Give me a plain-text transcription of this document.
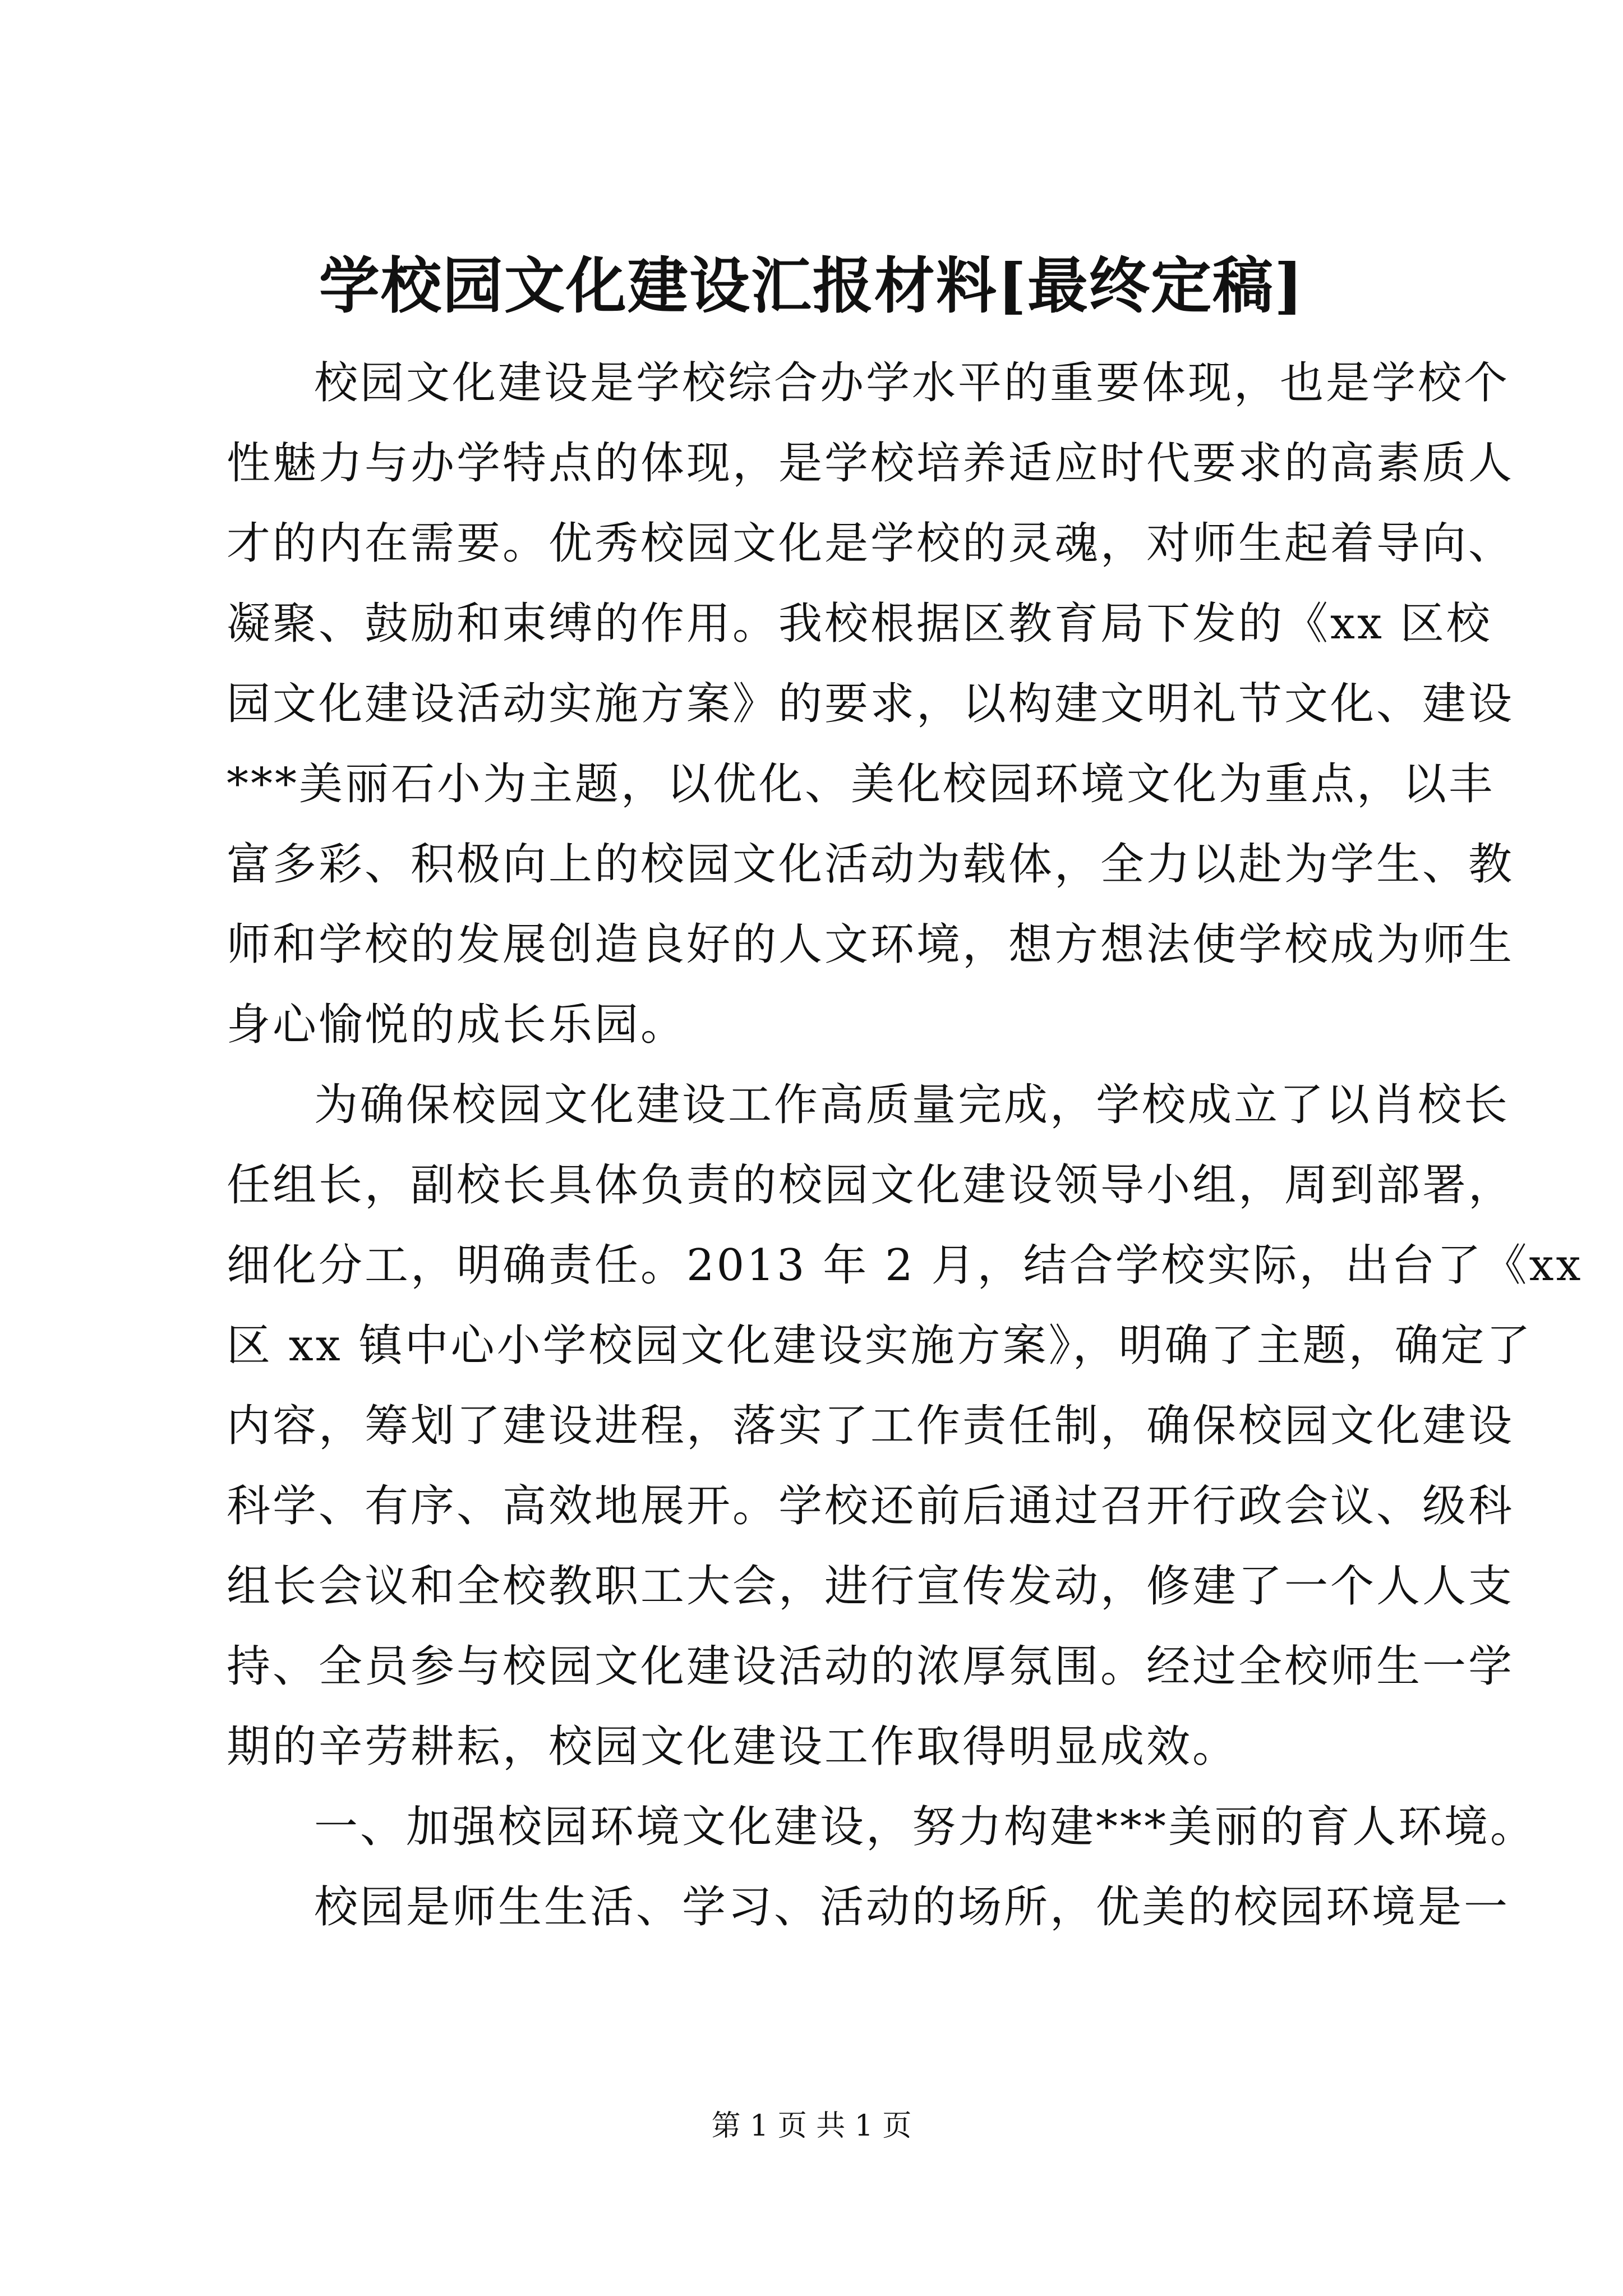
学校园文化建设汇报材料[最终定稿]
校园文化建设是学校综合办学水平的重要体现，也是学校个
性魅力与办学特点的体现，是学校培养适应时代要求的高素质人
才的内在需要。优秀校园文化是学校的灵魂，对师生起着导向、
凝聚、鼓励和束缚的作用。我校根据区教育局下发的《xx 区校
园文化建设活动实施方案》的要求，以构建文明礼节文化、建设
***美丽石小为主题，以优化、美化校园环境文化为重点，以丰
富多彩、积极向上的校园文化活动为载体，全力以赴为学生、教
师和学校的发展创造良好的人文环境，想方想法使学校成为师生
身心愉悦的成长乐园。
为确保校园文化建设工作高质量完成，学校成立了以肖校长
任组长，副校长具体负责的校园文化建设领导小组，周到部署，
细化分工，明确责任。2013 年 2 月，结合学校实际，出台了《xx
区 xx 镇中心小学校园文化建设实施方案》，明确了主题，确定了
内容，筹划了建设进程，落实了工作责任制，确保校园文化建设
科学、有序、高效地展开。学校还前后通过召开行政会议、级科
组长会议和全校教职工大会，进行宣传发动，修建了一个人人支
持、全员参与校园文化建设活动的浓厚氛围。经过全校师生一学
期的辛劳耕耘，校园文化建设工作取得明显成效。
一、加强校园环境文化建设，努力构建***美丽的育人环境。
校园是师生生活、学习、活动的场所，优美的校园环境是一
第 1 页 共 1 页
